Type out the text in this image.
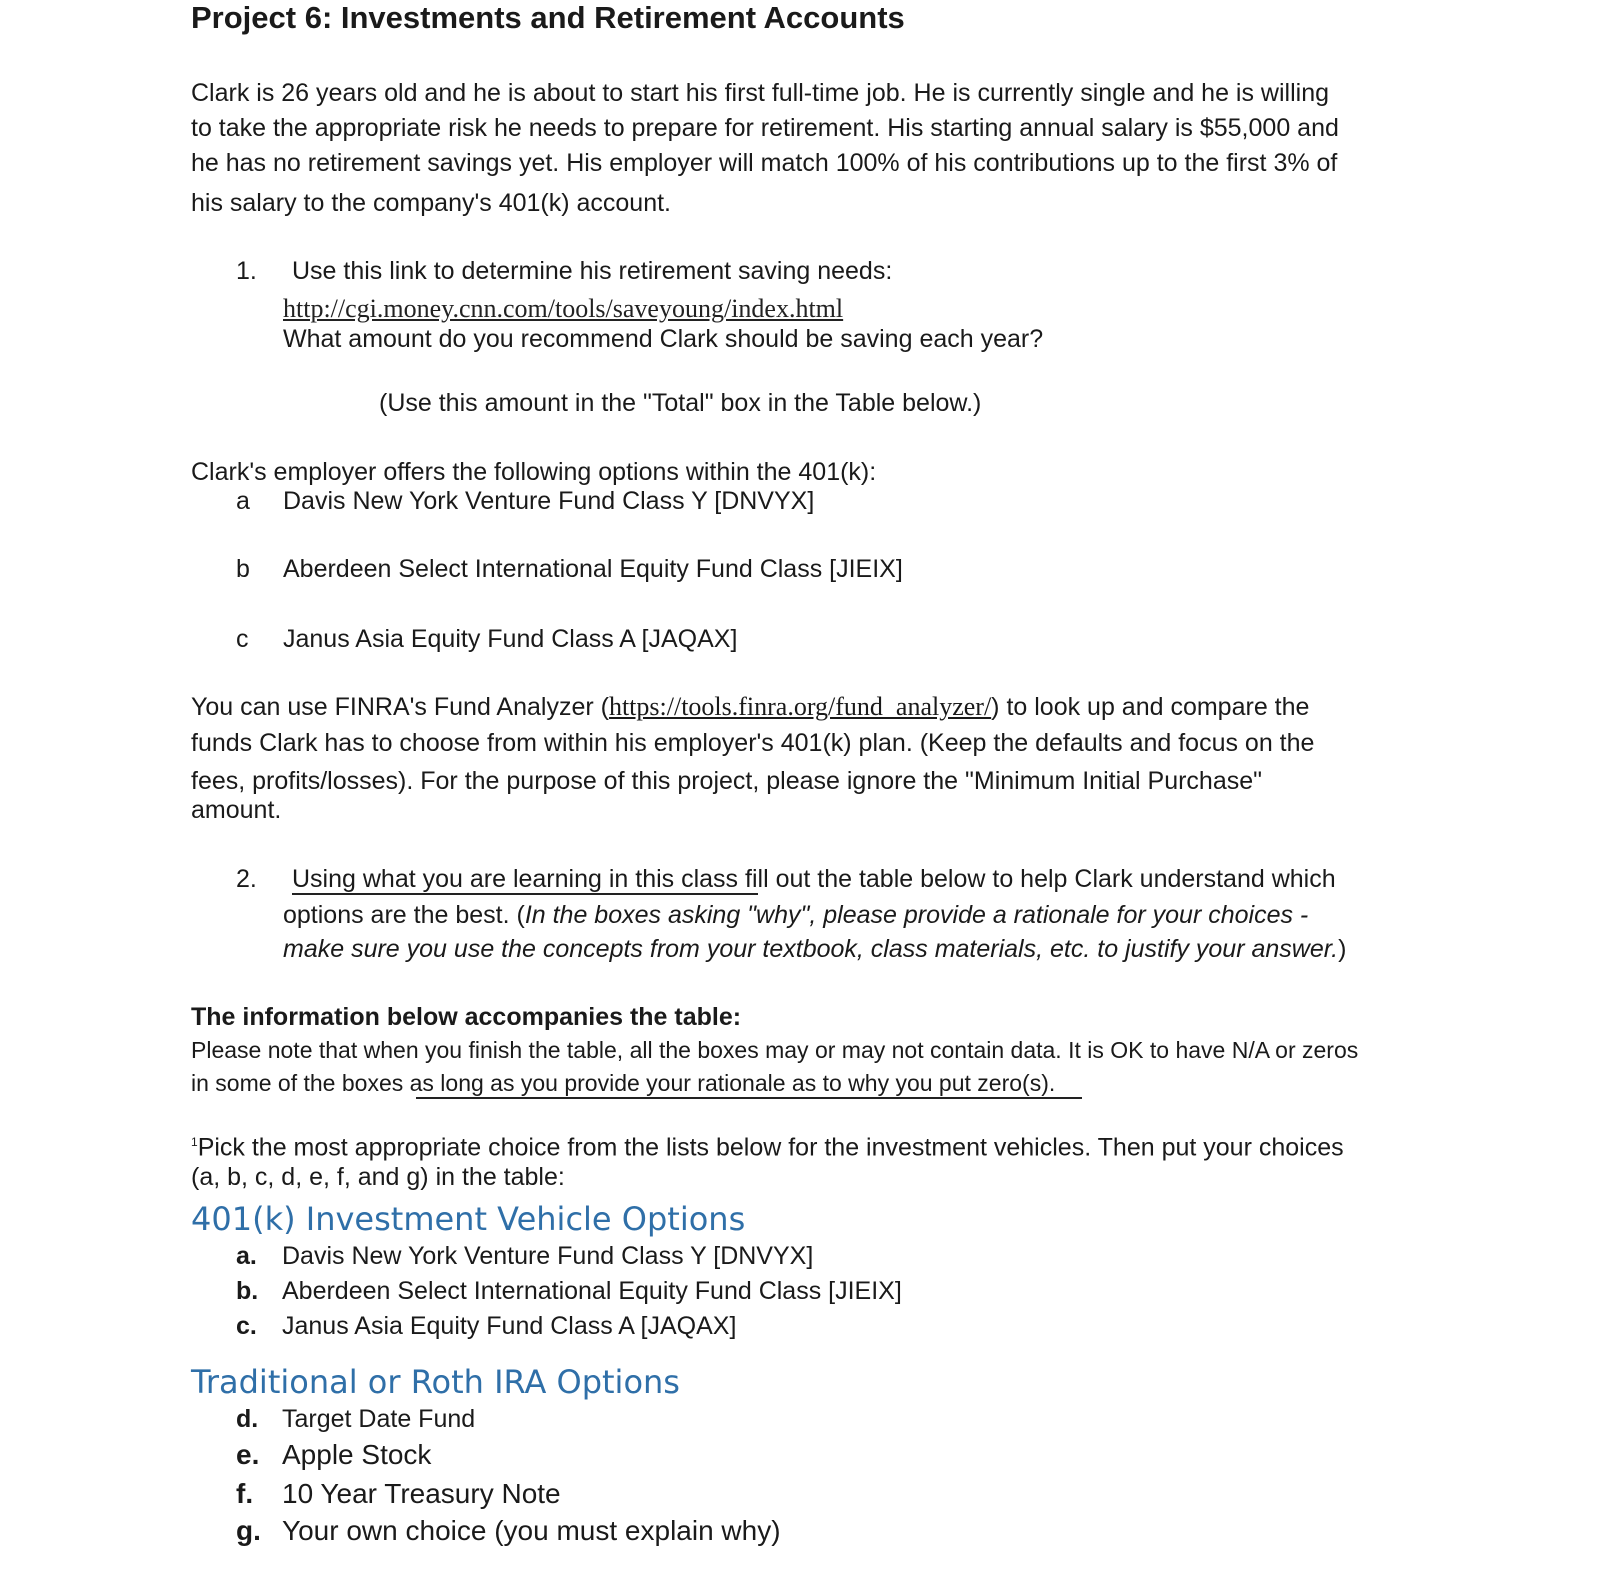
Project 6: Investments and Retirement Accounts
Clark is 26 years old and he is about to start his first full-time job. He is currently single and he is willing
to take the appropriate risk he needs to prepare for retirement. His starting annual salary is $55,000 and
he has no retirement savings yet. His employer will match 100% of his contributions up to the first 3% of
his salary to the company's 401(k) account.
1. Use this link to determine his retirement saving needs:
http://cgi.money.cnn.com/tools/saveyoung/index.html
What amount do you recommend Clark should be saving each year?
(Use this amount in the "Total" box in the Table below.)
Clark's employer offers the following options within the 401(k):
a Davis New York Venture Fund Class Y [DNVYX]
b Aberdeen Select International Equity Fund Class [JIEIX]
c Janus Asia Equity Fund Class A [JAQAX]
You can use FINRA's Fund Analyzer (https://tools.finra.org/fund_analyzer/) to look up and compare the
funds Clark has to choose from within his employer's 401(k) plan. (Keep the defaults and focus on the
fees, profits/losses). For the purpose of this project, please ignore the "Minimum Initial Purchase"
amount.
2. Using what you are learning in this class fill out the table below to help Clark understand which
options are the best. (In the boxes asking "why", please provide a rationale for your choices -
make sure you use the concepts from your textbook, class materials, etc. to justify your answer.)
The information below accompanies the table:
Please note that when you finish the table, all the boxes may or may not contain data. It is OK to have N/A or zeros
in some of the boxes as long as you provide your rationale as to why you put zero(s).
$^1$Pick the most appropriate choice from the lists below for the investment vehicles. Then put your choices
(a, b, c, d, e, f, and g) in the table:
401(k) Investment Vehicle Options
a. Davis New York Venture Fund Class Y [DNVYX]
b. Aberdeen Select International Equity Fund Class [JIEIX]
c. Janus Asia Equity Fund Class A [JAQAX]
Traditional or Roth IRA Options
d. Target Date Fund
e. Apple Stock
f. 10 Year Treasury Note
g. Your own choice (you must explain why)
